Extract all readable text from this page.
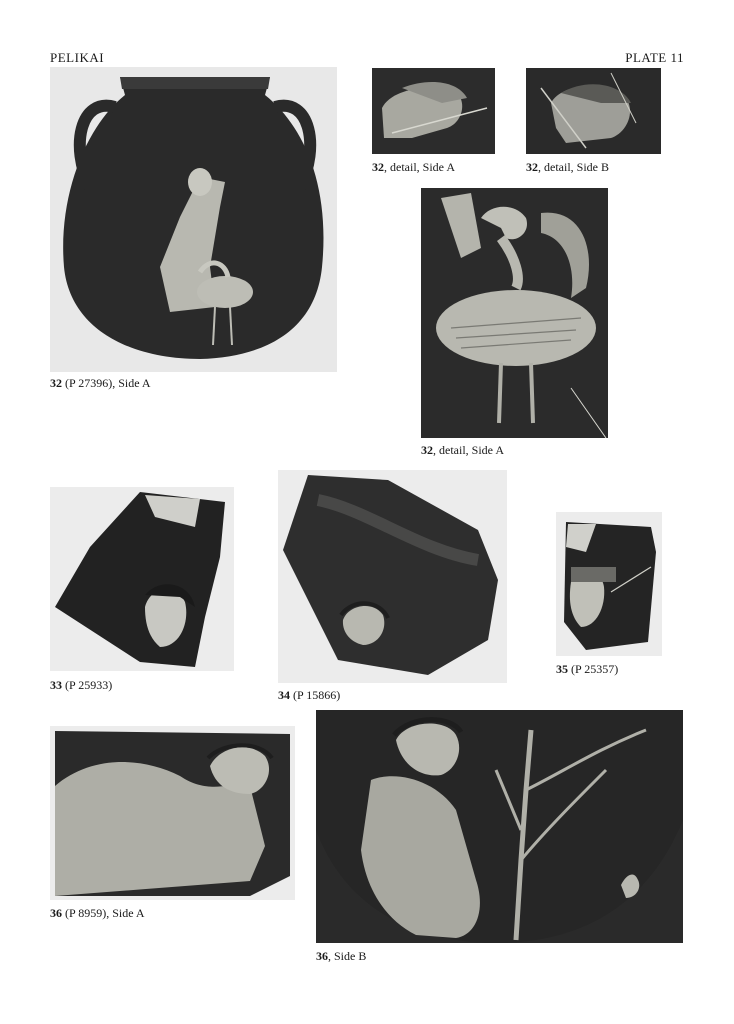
PELIKAI	PLATE 11
32 (P 27396), Side A
32, detail, Side A	32, detail, Side B
32, detail, Side A
33 (P 25933)
34 (P 15866)
35 (P 25357)
36 (P 8959), Side A
36, Side B
